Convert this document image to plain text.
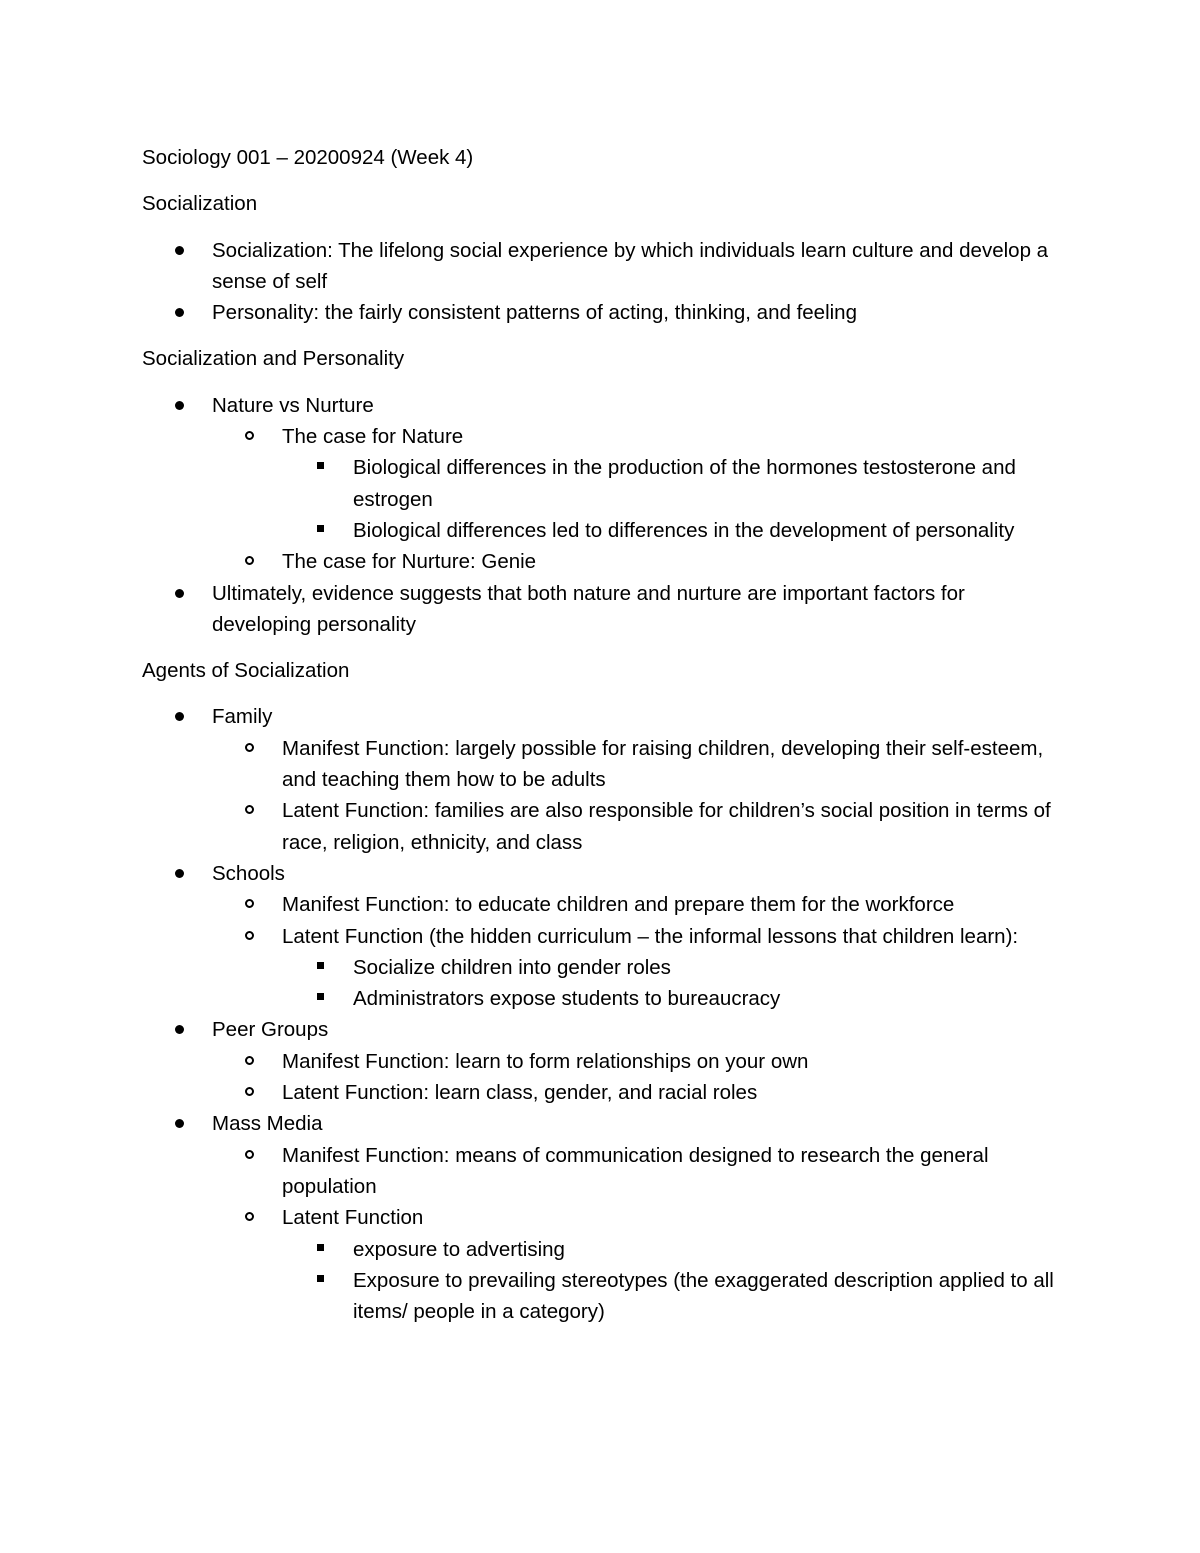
Sociology 001 – 20200924 (Week 4)
Socialization
Socialization: The lifelong social experience by which individuals learn culture and develop a sense of self
Personality: the fairly consistent patterns of acting, thinking, and feeling
Socialization and Personality
Nature vs Nurture
The case for Nature
Biological differences in the production of the hormones testosterone and estrogen
Biological differences led to differences in the development of personality
The case for Nurture: Genie
Ultimately, evidence suggests that both nature and nurture are important factors for developing personality
Agents of Socialization
Family
Manifest Function: largely possible for raising children, developing their self-esteem, and teaching them how to be adults
Latent Function: families are also responsible for children’s social position in terms of race, religion, ethnicity, and class
Schools
Manifest Function: to educate children and prepare them for the workforce
Latent Function (the hidden curriculum – the informal lessons that children learn):
Socialize children into gender roles
Administrators expose students to bureaucracy
Peer Groups
Manifest Function: learn to form relationships on your own
Latent Function: learn class, gender, and racial roles
Mass Media
Manifest Function: means of communication designed to research the general population
Latent Function
exposure to advertising
Exposure to prevailing stereotypes (the exaggerated description applied to all items/ people in a category)
